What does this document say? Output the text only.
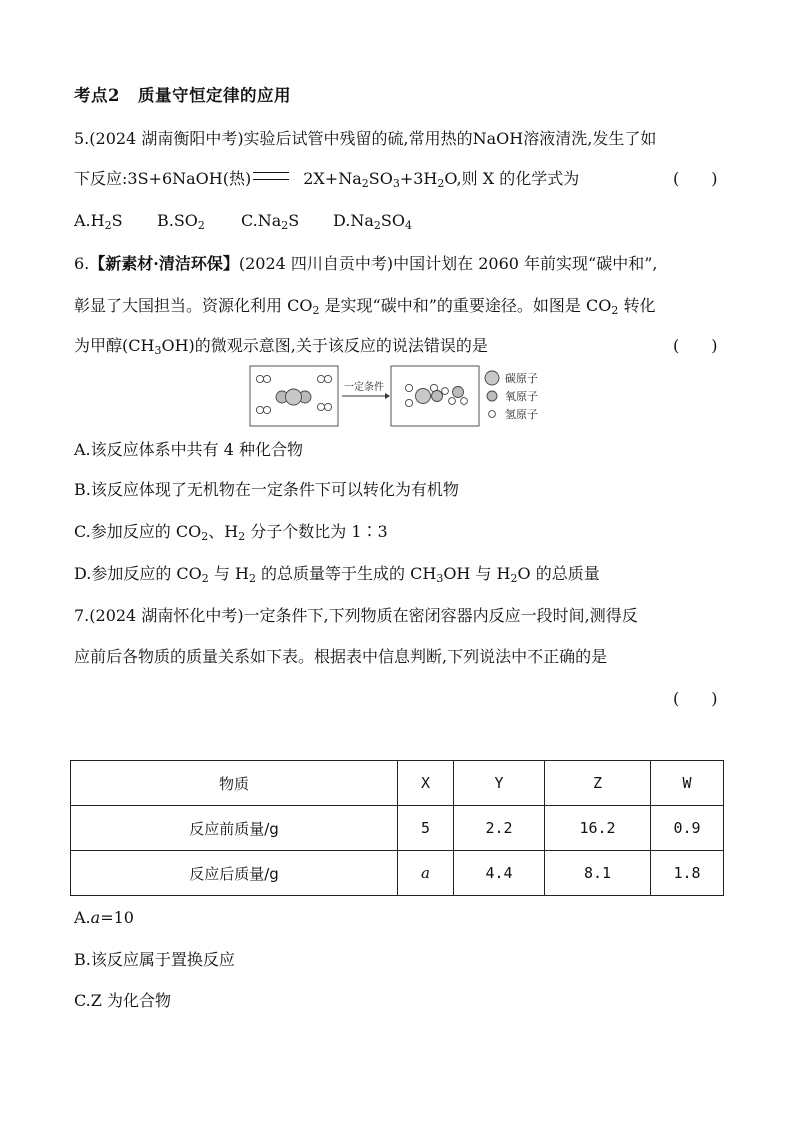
考点2 质量守恒定律的应用
5.(2024 湖南衡阳中考)实验后试管中残留的硫,常用热的NaOH溶液清洗,发生了如
下反应:3S+6NaOH(热)	$2X+Na_2SO_3+3H_2O$,则 X 的化学式为	(　　)
$A.H_2S$ $B.SO_2$ $C.Na_2S$ $D.Na_2SO_4$
6.【新素材·清洁环保】(2024 四川自贡中考)中国计划在 2060 年前实现“碳中和”,
彰显了大国担当。资源化利用 $CO_2$ 是实现“碳中和”的重要途径。如图是 $CO_2$ 转化
为甲醇$(CH_3OH)$的微观示意图,关于该反应的说法错误的是	(　　)
一定条件
碳原子
氧原子
氢原子
A.该反应体系中共有 4 种化合物
B.该反应体现了无机物在一定条件下可以转化为有机物
C.参加反应的 $CO_2$、$H_2$ 分子个数比为 1∶3
D.参加反应的 $CO_2$ 与 $H_2$ 的总质量等于生成的 $CH_3OH$ 与 $H_2O$ 的总质量
7.(2024 湖南怀化中考)一定条件下,下列物质在密闭容器内反应一段时间,测得反
应前后各物质的质量关系如下表。根据表中信息判断,下列说法中不正确的是
(　　)
物质	X	Y	Z	W
反应前质量/g	5	2.2	16.2	0.9
反应后质量/g	a	4.4	8.1	1.8
A.a=10
B.该反应属于置换反应
C.Z 为化合物
